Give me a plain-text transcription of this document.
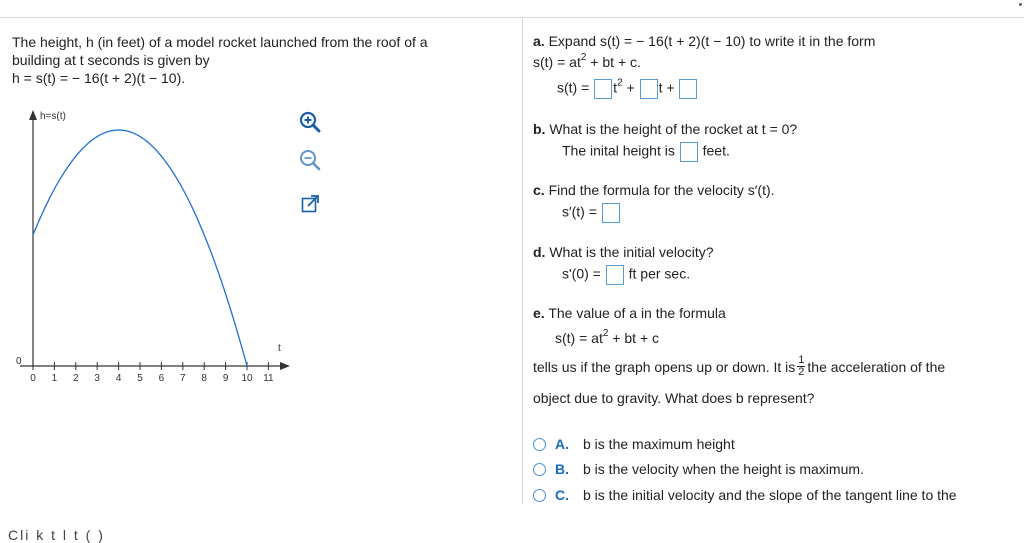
The height, h (in feet) of a model rocket launched from the roof of a
building at t seconds is given by
h = s(t) = − 16(t + 2)(t − 10).
h=s(t)
t
0
0 1 2 3 4 5 6 7 8 9 10 11
a. Expand s(t) = − 16(t + 2)(t − 10) to write it in the form
$s(t) = at^2$ + bt + c.
$s(t) = t^2 + t$ +
b. What is the height of the rocket at t = 0?
The inital height is feet.
c. Find the formula for the velocity s′(t).
s′(t) =
d. What is the initial velocity?
s'(0) = ft per sec.
e. The value of a in the formula
$s(t) = at^2$ + bt + c
tells us if the graph opens up or down. It is $\frac{1}{2}$ the acceleration of the
object due to gravity. What does b represent?
A.	b is the maximum height
B.	b is the velocity when the height is maximum.
C.	b is the initial velocity and the slope of the tangent line to the
Cli k t l t ( )
